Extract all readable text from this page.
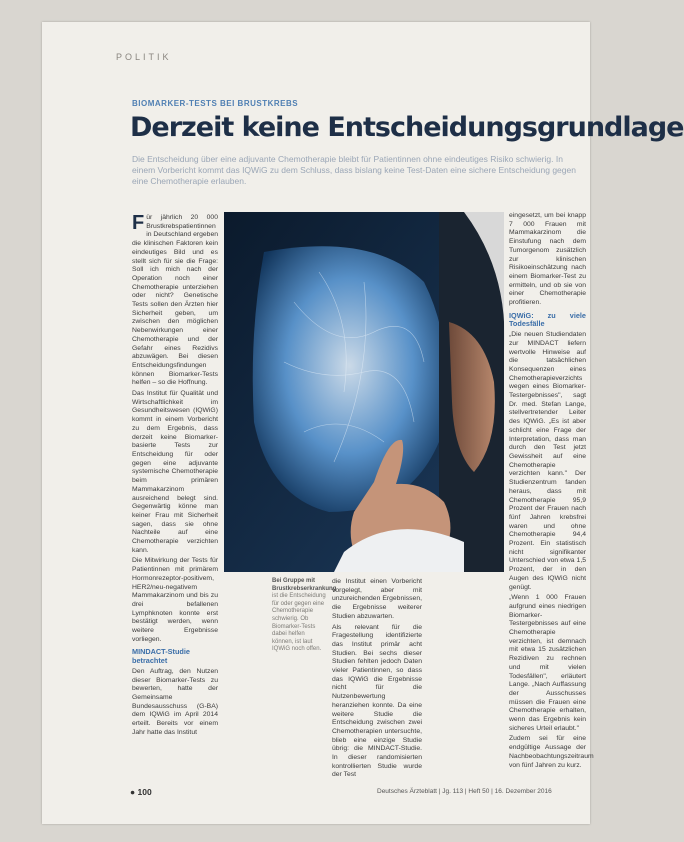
POLITIK
BIOMARKER-TESTS BEI BRUSTKREBS
Derzeit keine Entscheidungsgrundlage
Die Entscheidung über eine adjuvante Chemotherapie bleibt für Patientinnen ohne eindeutiges Risiko schwierig. In einem Vorbericht kommt das IQWiG zu dem Schluss, dass bislang keine Test-Daten eine sichere Entscheidung gegen eine Chemotherapie erlauben.

Für jährlich 20 000 Brustkrebspatientinnen in Deutschland ergeben die klinischen Faktoren kein eindeutiges Bild und es stellt sich für sie die Frage: Soll ich mich nach der Operation noch einer Chemotherapie unterziehen oder nicht? Genetische Tests sollen den Ärzten hier Sicherheit geben, um zwischen den möglichen Nebenwirkungen einer Chemotherapie und der Gefahr eines Rezidivs abzuwägen. Bei diesen Entscheidungsfindungen können Biomarker-Tests helfen – so die Hoffnung.

Das Institut für Qualität und Wirtschaftlichkeit im Gesundheitswesen (IQWiG) kommt in einem Vorbericht zu dem Ergebnis, dass derzeit keine Biomarker-basierte Tests zur Entscheidung für oder gegen eine adjuvante systemische Chemotherapie beim primären Mammakarzinom ausreichend belegt sind. Gegenwärtig könne man keiner Frau mit Sicherheit sagen, dass sie ohne Nachteile auf eine Chemotherapie verzichten kann.

Die Mitwirkung der Tests für Patientinnen mit primärem Hormonrezeptor-positivem, HER2/neu-negativem Mammakarzinom und bis zu drei befallenen Lymphknoten konnte erst bestätigt werden, wenn weitere Ergebnisse vorliegen.

MINDACT-Studie betrachtet

Den Auftrag, den Nutzen dieser Biomarker-Tests zu bewerten, hatte der Gemeinsame Bundesausschuss (G-BA) dem IQWiG im April 2014 erteilt. Bereits vor einem Jahr hatte das Institut

Bei Gruppe mit Brustkrebserkrankung ist die Entscheidung für oder gegen eine Chemotherapie schwierig. Ob Biomarker-Tests dabei helfen können, ist laut IQWiG noch offen.

die Institut einen Vorbericht vorgelegt, aber mit unzureichenden Ergebnissen, die Ergebnisse weiterer Studien abzuwarten.

Als relevant für die Fragestellung identifizierte das Institut primär acht Studien. Bei sechs dieser Studien fehlten jedoch Daten vieler Patientinnen, so dass das IQWiG die Ergebnisse nicht für die Nutzenbewertung heranziehen konnte. Da eine weitere Studie die Entscheidung zwischen zwei Chemotherapien untersuchte, blieb eine einzige Studie übrig: die MINDACT-Studie. In dieser randomisierten kontrollierten Studie wurde der Test

eingesetzt, um bei knapp 7 000 Frauen mit Mammakarzinom die Einstufung nach dem Tumorgenom zusätzlich zur klinischen Risikoeinschätzung nach einem Biomarker-Test zu ermitteln, und ob sie von einer Chemotherapie profitieren.

IQWiG: zu viele Todesfälle

„Die neuen Studiendaten zur MINDACT liefern wertvolle Hinweise auf die tatsächlichen Konsequenzen eines Chemotherapieverzichts wegen eines Biomarker-Testergebnisses", sagt Dr. med. Stefan Lange, stellvertretender Leiter des IQWiG. „Es ist aber schlicht eine Frage der Interpretation, dass man durch den Test jetzt Gewissheit auf eine Chemotherapie verzichten kann." Der Studienzentrum fanden heraus, dass mit Chemotherapie 95,9 Prozent der Frauen nach fünf Jahren krebsfrei waren und ohne Chemotherapie 94,4 Prozent. Ein statistisch nicht signifikanter Unterschied von etwa 1,5 Prozent, der in den Augen des IQWiG nicht genügt.

„Wenn 1 000 Frauen aufgrund eines niedrigen Biomarker-Testergebnisses auf eine Chemotherapie verzichten, ist demnach mit etwa 15 zusätzlichen Rezidiven zu rechnen und mit vielen Todesfällen", erläutert Lange. „Nach Auffassung der Ausschusses müssen die Frauen eine Chemotherapie erhalten, wenn das Ergebnis kein sicheres Urteil erlaubt."

Zudem sei für eine endgültige Aussage der Nachbeobachtungszeitraum von fünf Jahren zu kurz.

● 100	Deutsches Ärzteblatt | Jg. 113 | Heft 50 | 16. Dezember 2016
